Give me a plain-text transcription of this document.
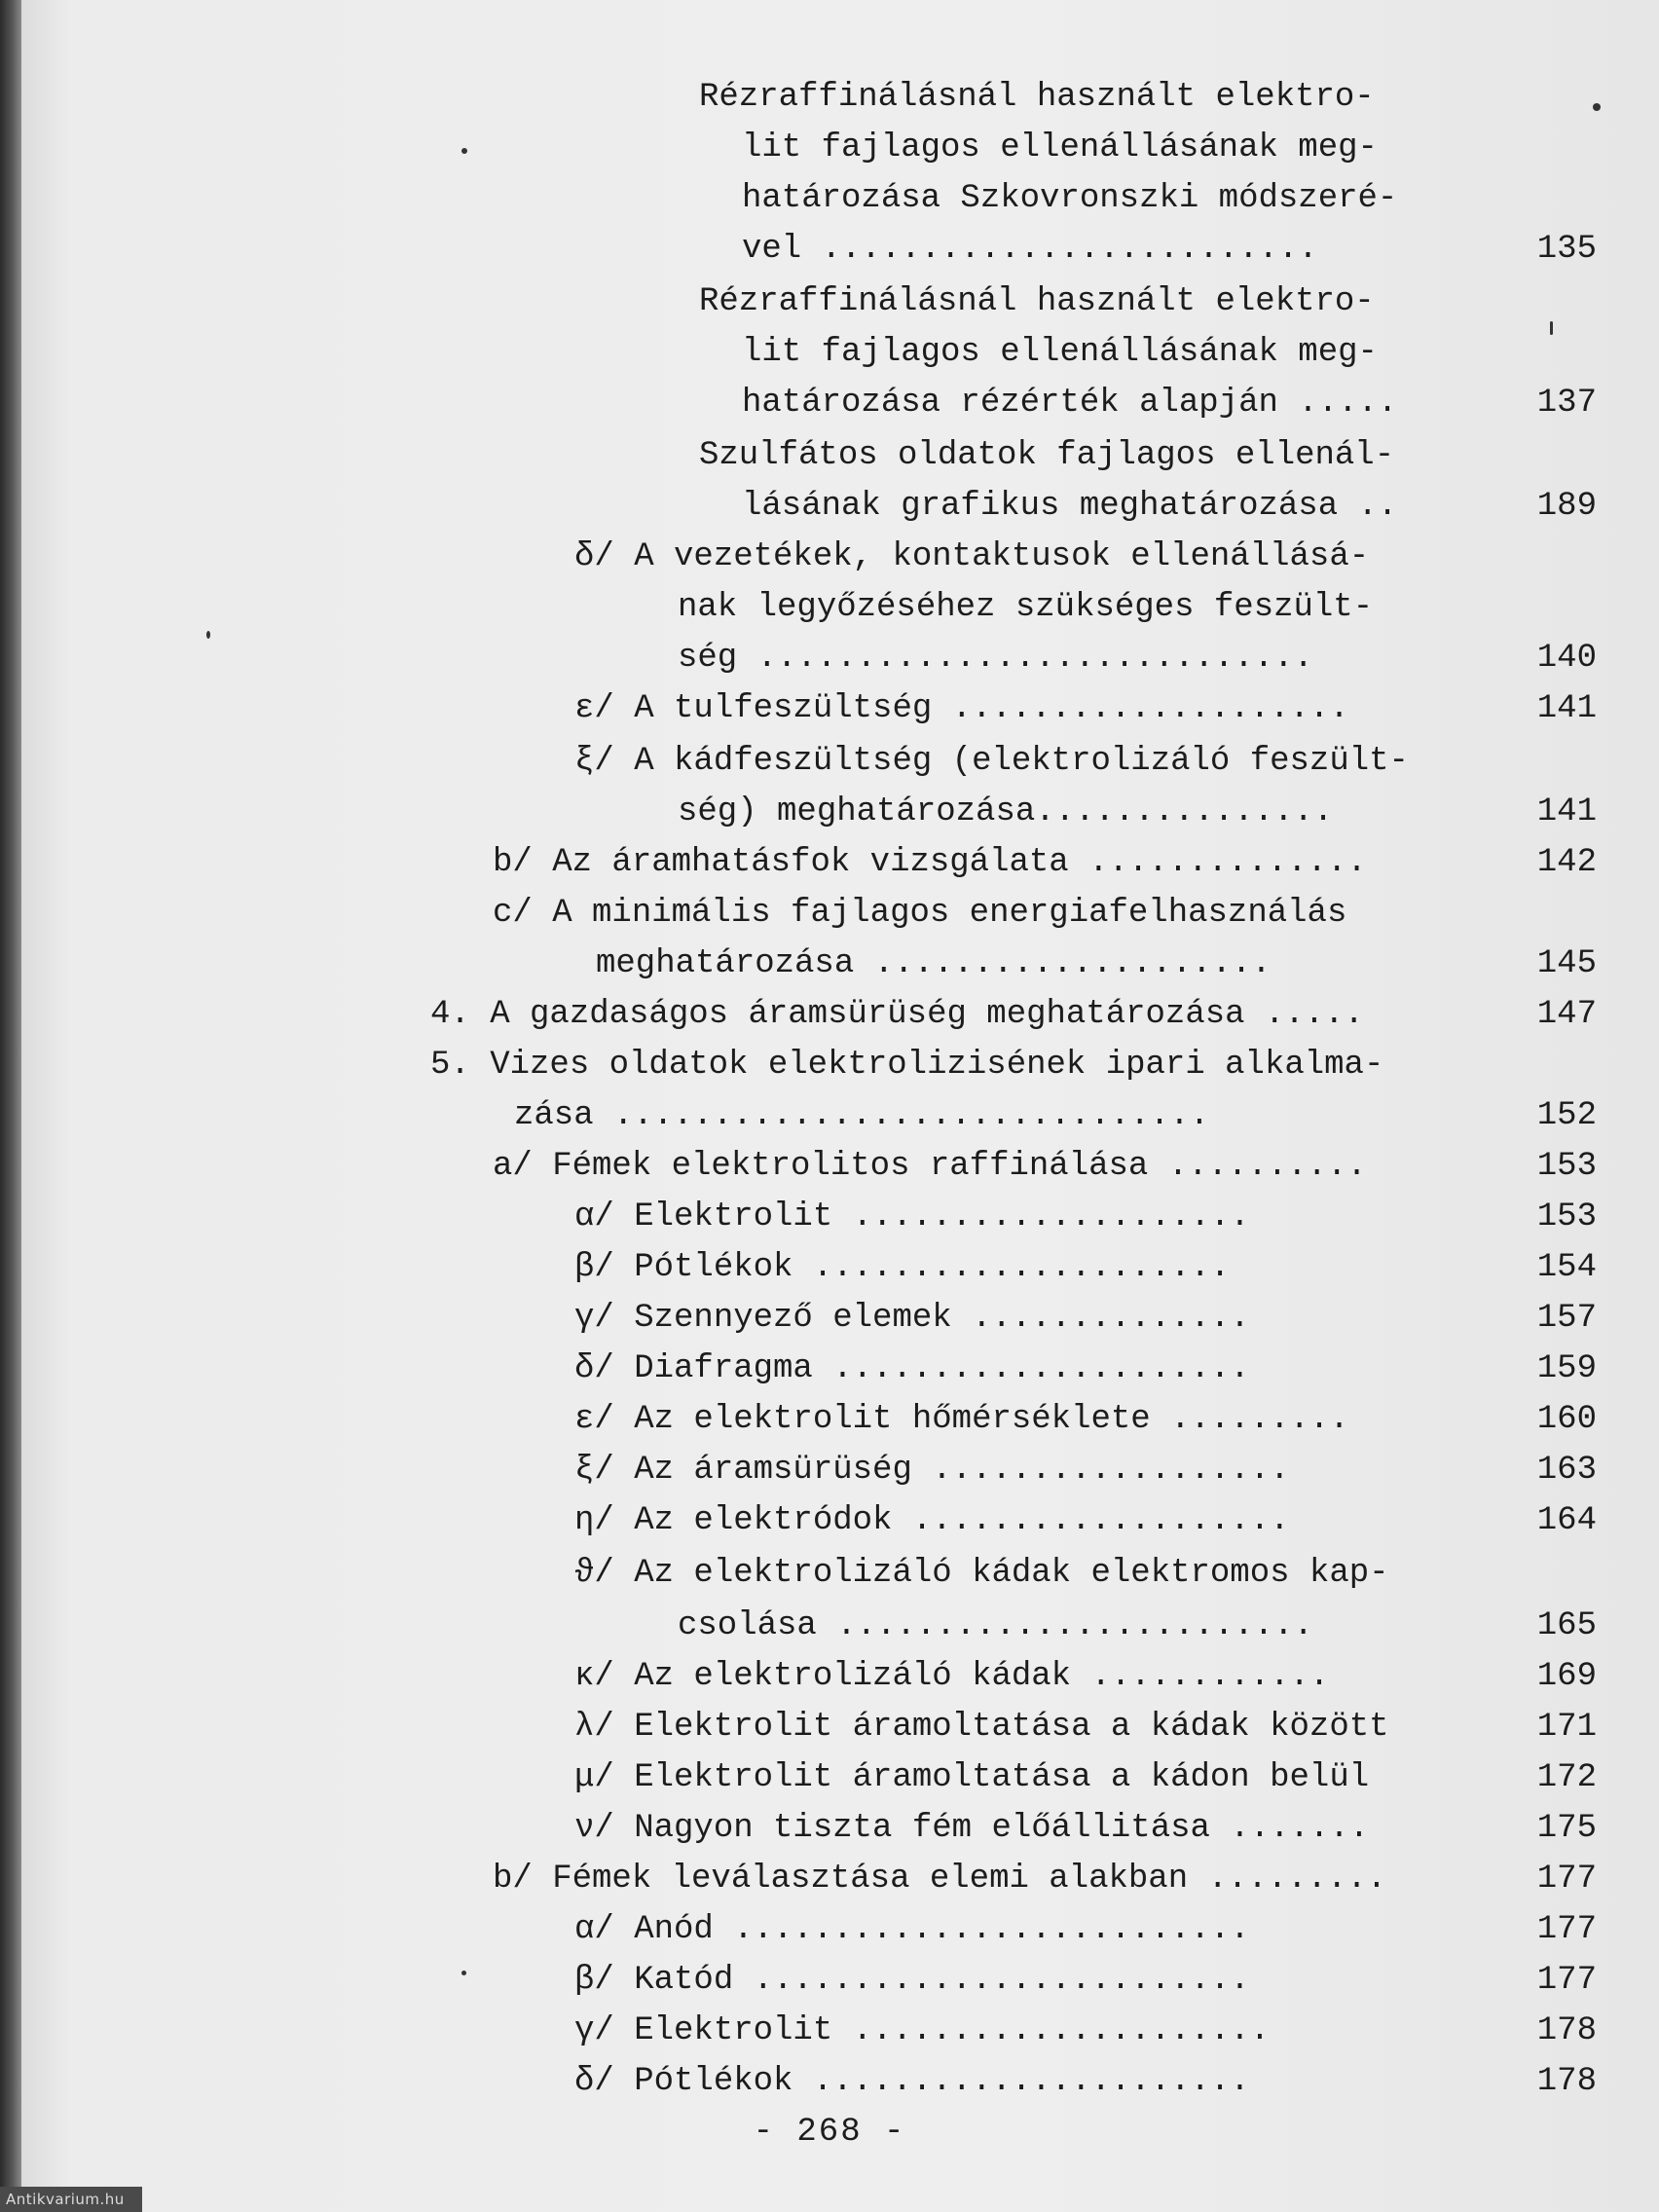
Rézraffinálásnál használt elektro-
lit fajlagos ellenállásának meg-
határozása Szkovronszki módszeré-
vel .........................	135
Rézraffinálásnál használt elektro-
lit fajlagos ellenállásának meg-
határozása rézérték alapján .....	137
Szulfátos oldatok fajlagos ellenál-
lásának grafikus meghatározása ..	189
δ/ A vezetékek, kontaktusok ellenállásá-
nak legyőzéséhez szükséges feszült-
ség ............................	140
ε/ A tulfeszültség ....................	141
ξ/ A kádfeszültség (elektrolizáló feszült-
ség) meghatározása...............	141
b/ Az áramhatásfok vizsgálata ..............	142
c/ A minimális fajlagos energiafelhasználás
meghatározása ....................	145
4. A gazdaságos áramsürüség meghatározása .....	147
5. Vizes oldatok elektrolizisének ipari alkalma-
zása ..............................	152
a/ Fémek elektrolitos raffinálása ..........	153
α/ Elektrolit ....................	153
β/ Pótlékok .....................	154
γ/ Szennyező elemek ..............	157
δ/ Diafragma .....................	159
ε/ Az elektrolit hőmérséklete .........	160
ξ/ Az áramsürüség ..................	163
η/ Az elektródok ...................	164
ϑ/ Az elektrolizáló kádak elektromos kap-
csolása ........................	165
κ/ Az elektrolizáló kádak ............	169
λ/ Elektrolit áramoltatása a kádak között	171
μ/ Elektrolit áramoltatása a kádon belül	172
ν/ Nagyon tiszta fém előállitása .......	175
b/ Fémek leválasztása elemi alakban .........	177
α/ Anód ..........................	177
β/ Katód .........................	177
γ/ Elektrolit .....................	178
δ/ Pótlékok ......................	178
- 268 -
Antikvarium.hu
